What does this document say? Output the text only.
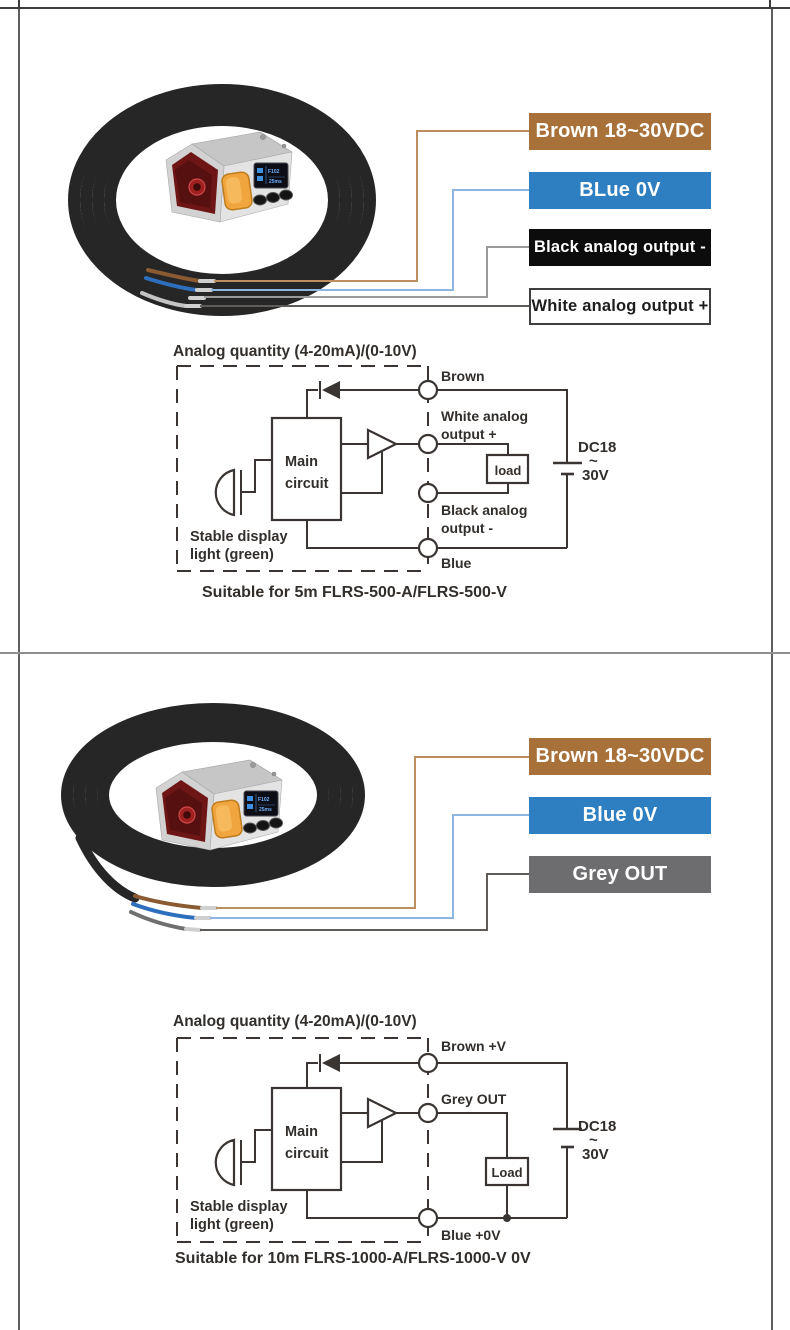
F102
25ms
Analog quantity (4-20mA)/(0-10V)
Main
circuit
Stable display
light (green)
load
Brown
White analog
output +
Black analog
output -
Blue
DC18
~
30V
Suitable for 5m FLRS-500-A/FLRS-500-V
Analog quantity (4-20mA)/(0-10V)
Main
circuit
Stable display
light (green)
Load
Brown +V
Grey OUT
Blue +0V
DC18
~
30V
Suitable for 10m FLRS-1000-A/FLRS-1000-V 0V
Brown 18~30VDC
BLue 0V
Black analog output -
White analog output +
Brown 18~30VDC
Blue 0V
Grey OUT
